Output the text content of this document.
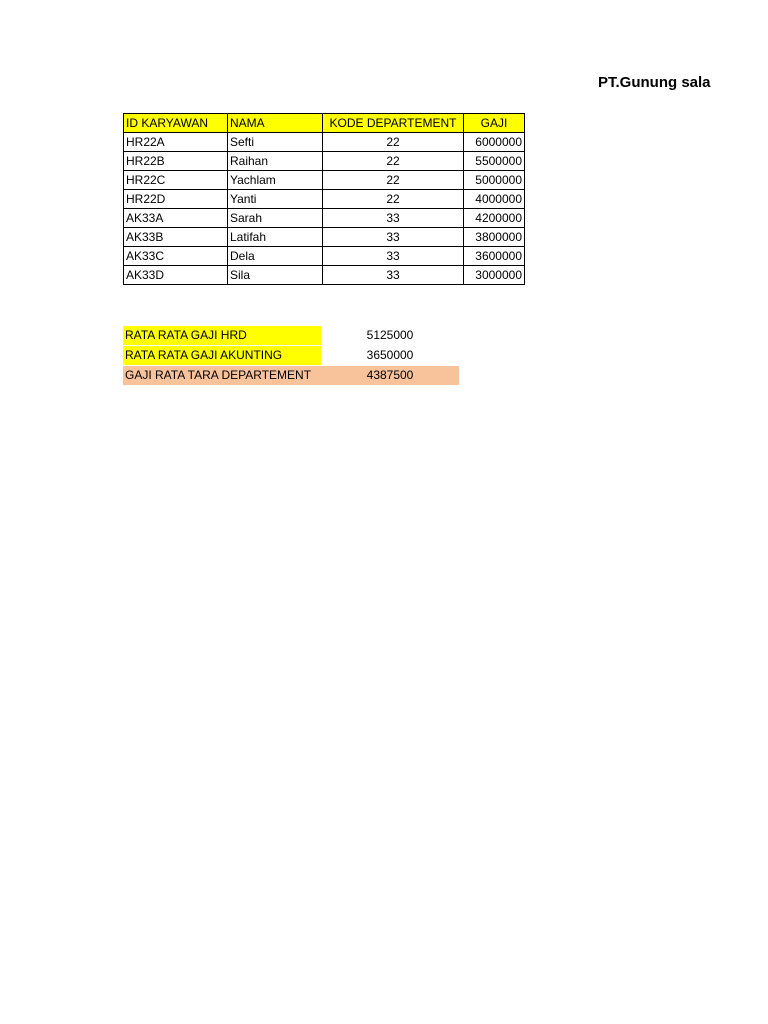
PT.Gunung sala
ID KARYAWAN	NAMA	KODE DEPARTEMENT	GAJI
HR22A	Sefti	22	6000000
HR22B	Raihan	22	5500000
HR22C	Yachlam	22	5000000
HR22D	Yanti	22	4000000
AK33A	Sarah	33	4200000
AK33B	Latifah	33	3800000
AK33C	Dela	33	3600000
AK33D	Sila	33	3000000
RATA RATA GAJI HRD	5125000
RATA RATA GAJI AKUNTING	3650000
GAJI RATA TARA DEPARTEMENT	4387500
